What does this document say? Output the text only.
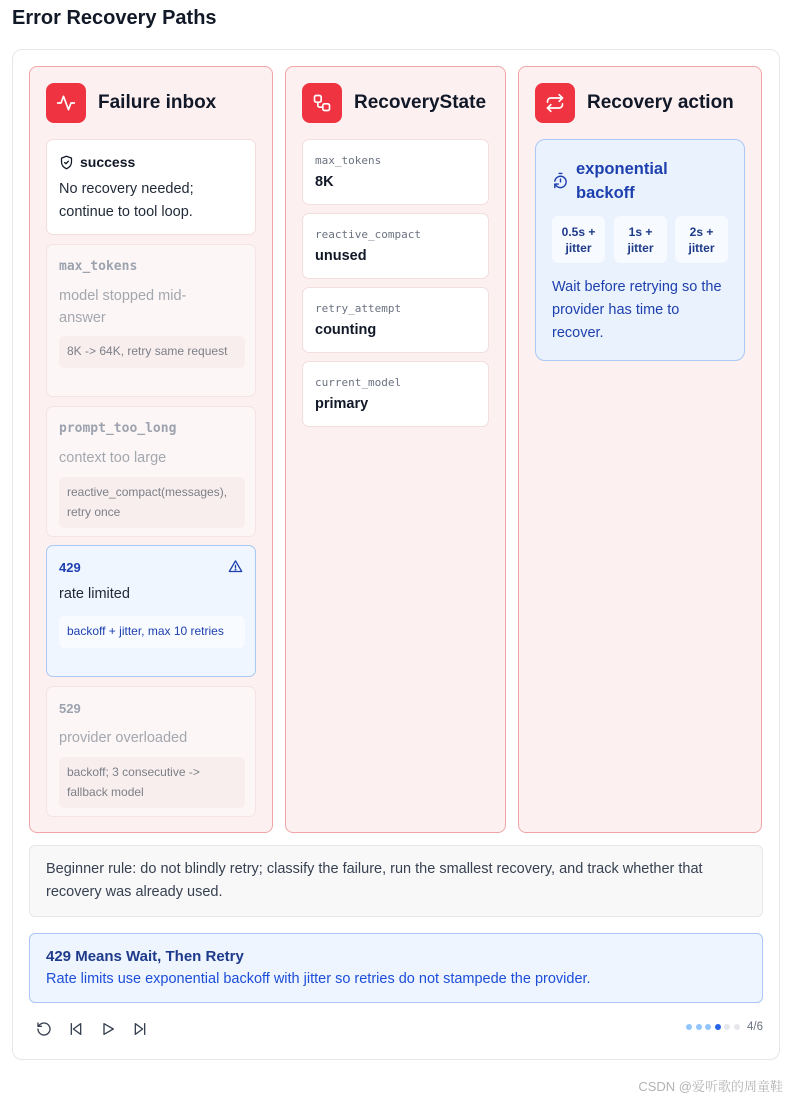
Error Recovery Paths
Failure inbox
success
No recovery needed; continue to tool loop.
max_tokens
model stopped mid-answer
8K -> 64K, retry same request
prompt_too_long
context too large
reactive_compact(messages), retry once
429
rate limited
backoff + jitter, max 10 retries
529
provider overloaded
backoff; 3 consecutive -> fallback model
RecoveryState
max_tokens
8K
reactive_compact
unused
retry_attempt
counting
current_model
primary
Recovery action
exponential backoff
0.5s + jitter
1s + jitter
2s + jitter
Wait before retrying so the provider has time to recover.
Beginner rule: do not blindly retry; classify the failure, run the smallest recovery, and track whether that recovery was already used.
429 Means Wait, Then Retry
Rate limits use exponential backoff with jitter so retries do not stampede the provider.
4/6
CSDN @爱听歌的周童鞋
